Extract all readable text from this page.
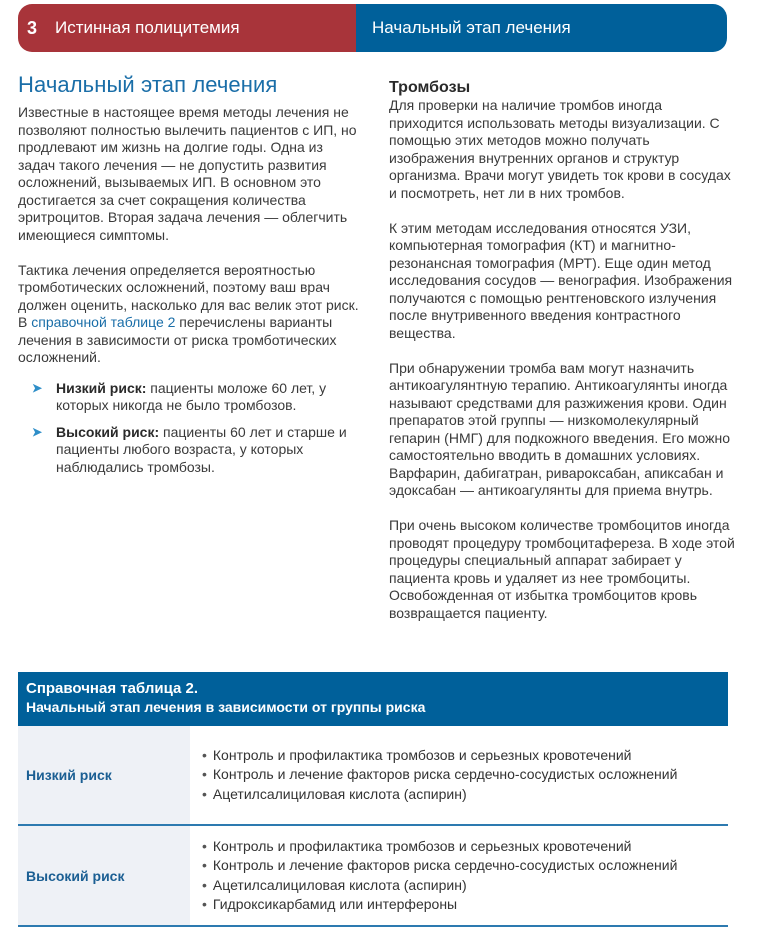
3 Истинная полицитемия	Начальный этап лечения
Начальный этап лечения

Известные в настоящее время методы лечения не позволяют полностью вылечить пациентов с ИП, но продлевают им жизнь на долгие годы. Одна из задач такого лечения — не допустить развития осложнений, вызываемых ИП. В основном это достигается за счет сокращения количества эритроцитов. Вторая задача лечения — облегчить имеющиеся симптомы.

Тактика лечения определяется вероятностью тромботических осложнений, поэтому ваш врач должен оценить, насколько для вас велик этот риск. В справочной таблице 2 перечислены варианты лечения в зависимости от риска тромботических осложнений.

➤ Низкий риск: пациенты моложе 60 лет, у которых никогда не было тромбозов.
➤ Высокий риск: пациенты 60 лет и старше и пациенты любого возраста, у которых наблюдались тромбозы.
Тромбозы

Для проверки на наличие тромбов иногда приходится использовать методы визуализации. С помощью этих методов можно получать изображения внутренних органов и структур организма. Врачи могут увидеть ток крови в сосудах и посмотреть, нет ли в них тромбов.

К этим методам исследования относятся УЗИ, компьютерная томография (КТ) и магнитно-резонансная томография (МРТ). Еще один метод исследования сосудов — венография. Изображения получаются с помощью рентгеновского излучения после внутривенного введения контрастного вещества.

При обнаружении тромба вам могут назначить антикоагулянтную терапию. Антикоагулянты иногда называют средствами для разжижения крови. Один препаратов этой группы — низкомолекулярный гепарин (НМГ) для подкожного введения. Его можно самостоятельно вводить в домашних условиях. Варфарин, дабигатран, ривароксабан, апиксабан и эдоксабан — антикоагулянты для приема внутрь.

При очень высоком количестве тромбоцитов иногда проводят процедуру тромбоцитафереза. В ходе этой процедуры специальный аппарат забирает у пациента кровь и удаляет из нее тромбоциты. Освобожденная от избытка тромбоцитов кровь возвращается пациенту.

Справочная таблица 2.
Начальный этап лечения в зависимости от группы риска
Низкий риск
• Контроль и профилактика тромбозов и серьезных кровотечений
• Контроль и лечение факторов риска сердечно-сосудистых осложнений
• Ацетилсалициловая кислота (аспирин)
Высокий риск
• Контроль и профилактика тромбозов и серьезных кровотечений
• Контроль и лечение факторов риска сердечно-сосудистых осложнений
• Ацетилсалициловая кислота (аспирин)
• Гидроксикарбамид или интерфероны
